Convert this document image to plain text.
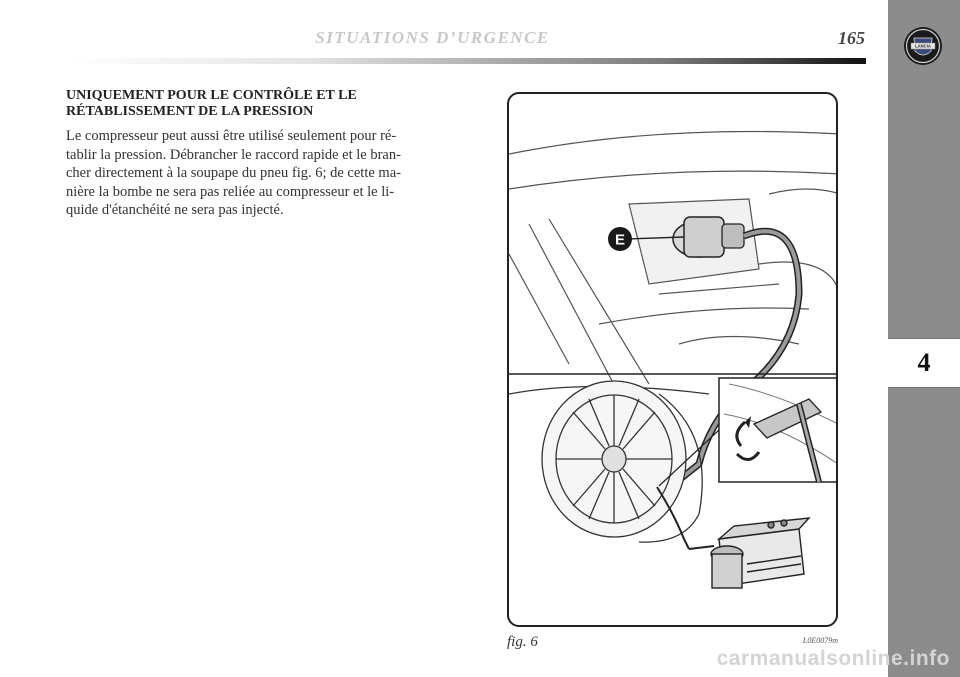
SITUATIONS D’URGENCE	165	LANCIA
4
UNIQUEMENT POUR LE CONTRÔLE ET LE
RÉTABLISSEMENT DE LA PRESSION
Le compresseur peut aussi être utilisé seulement pour ré-
tablir la pression. Débrancher le raccord rapide et le bran-
cher directement à la soupape du pneu fig. 6; de cette ma-
nière la bombe ne sera pas reliée au compresseur et le li-
quide d'étanchéité ne sera pas injecté.
E
fig. 6	L0E0079m
carmanualsonline.info
